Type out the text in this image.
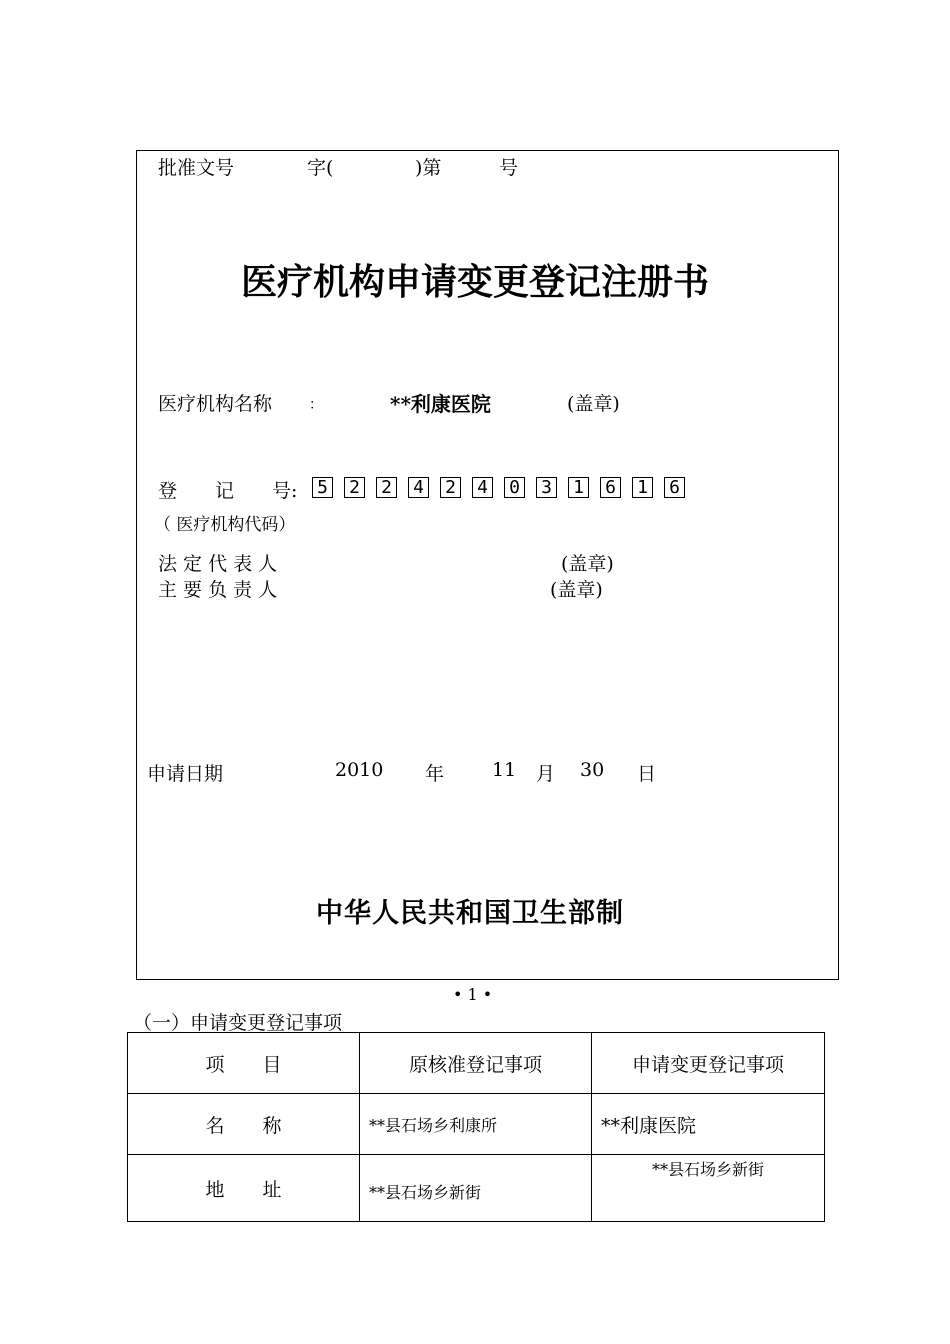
批准文号	字(	)第	号
医疗机构申请变更登记注册书
医疗机构名称	：	**利康医院	(盖章)
登　　记　　号: 5 2 2 4 2 4 0 3 1 6 1 6
（ 医疗机构代码）
法 定 代 表 人	(盖章)
主 要 负 责 人	(盖章)
申请日期	2010 年	11 月 30 日
中华人民共和国卫生部制
• 1 •
（一）申请变更登记事项
项　　目	原核准登记事项	申请变更登记事项
名　　称	**县石场乡利康所	**利康医院
地　　址	**县石场乡新街	**县石场乡新街
